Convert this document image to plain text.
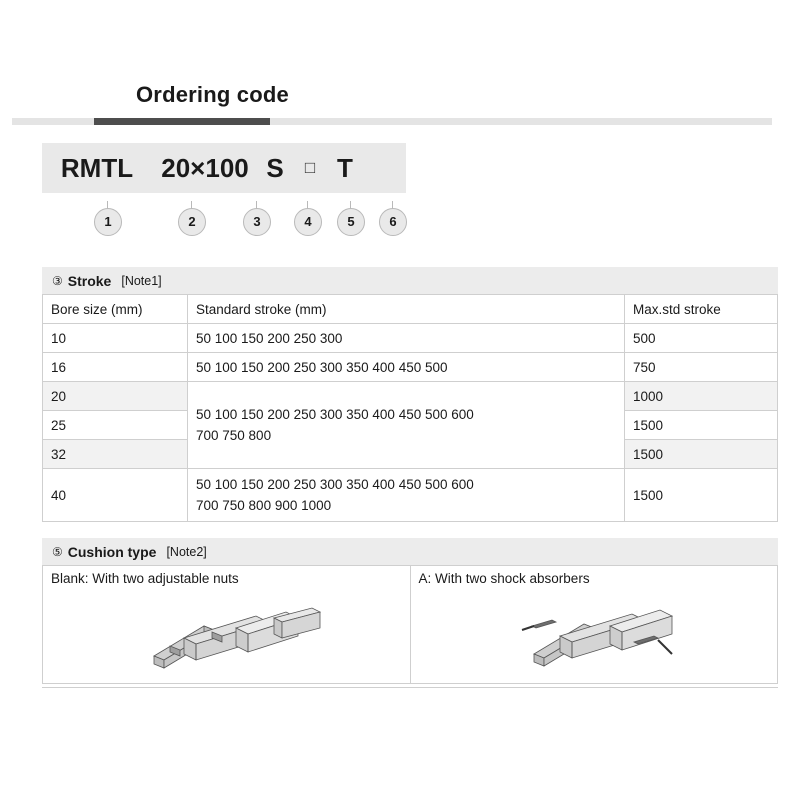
Ordering code
RMTL	20×100 S	□ T
1	2	3	4	5	6
③ Stroke [Note1]
Bore size (mm)	Standard stroke (mm)	Max.std stroke
10	50 100 150 200 250 300	500
16	50 100 150 200 250 300 350 400 450 500	750
20	50 100 150 200 250 300 350 400 450 500 600
700 750 800	1000
25		1500
32		1500
40	50 100 150 200 250 300 350 400 450 500 600
700 750 800 900 1000	1500
⑤ Cushion type [Note2]
Blank: With two adjustable nuts	A: With two shock absorbers
